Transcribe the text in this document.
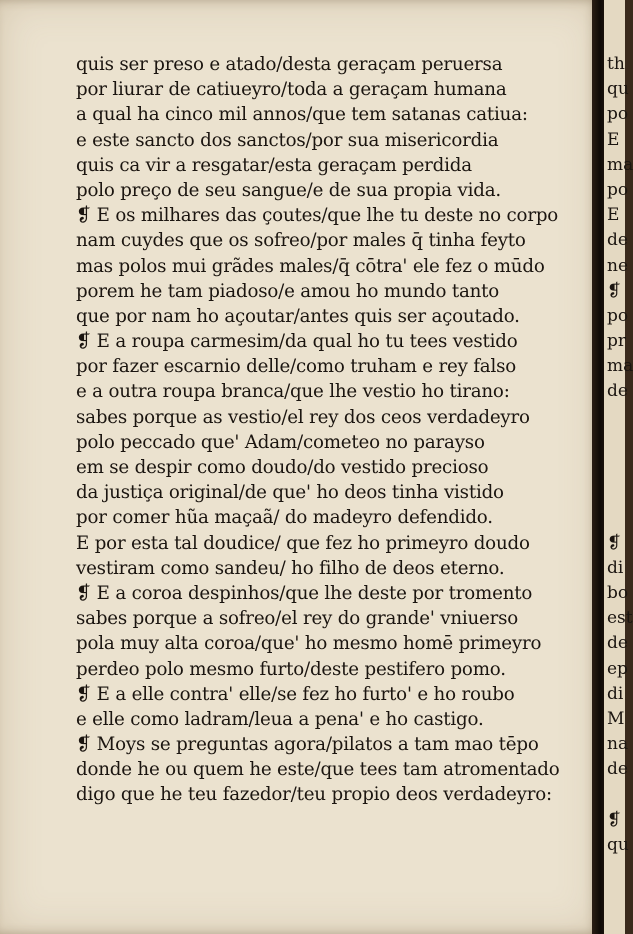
quis ser preso e atado/desta geraçam peruersa
por liurar de catiueyro/toda a geraçam humana
a qual ha cinco mil annos/que tem satanas catiua:
e este sancto dos sanctos/por sua misericordia
quis ca vir a resgatar/esta geraçam perdida
polo preço de seu sangue/e de sua propia vida.
❡ E os milhares das çoutes/que lhe tu deste no corpo
nam cuydes que os sofreo/por males q̄ tinha feyto
mas polos mui grãdes males/q̄ cōtra' ele fez o mūdo
porem he tam piadoso/e amou ho mundo tanto
que por nam ho açoutar/antes quis ser açoutado.
❡ E a roupa carmesim/da qual ho tu tees vestido
por fazer escarnio delle/como truham e rey falso
e a outra roupa branca/que lhe vestio ho tirano:
sabes porque as vestio/el rey dos ceos verdadeyro
polo peccado que' Adam/cometeo no parayso
em se despir como doudo/do vestido precioso
da justiça original/de que' ho deos tinha vistido
por comer hũa maçaã/ do madeyro defendido.
E por esta tal doudice/ que fez ho primeyro doudo
vestiram como sandeu/ ho filho de deos eterno.
❡ E a coroa despinhos/que lhe deste por tromento
sabes porque a sofreo/el rey do grande' vniuerso
pola muy alta coroa/que' ho mesmo homē primeyro
perdeo polo mesmo furto/deste pestifero pomo.
❡ E a elle contra' elle/se fez ho furto' e ho roubo
e elle como ladram/leua a pena' e ho castigo.
❡ Moys se preguntas agora/pilatos a tam mao tēpo
donde he ou quem he este/que tees tam atromentado
digo que he teu fazedor/teu propio deos verdadeyro:
th
qu
po
E
ma
po
E
de
ne
❡
po
pr
ma
de
❡
di
bo
est
de
ep
di
M
na
de
❡
qu
